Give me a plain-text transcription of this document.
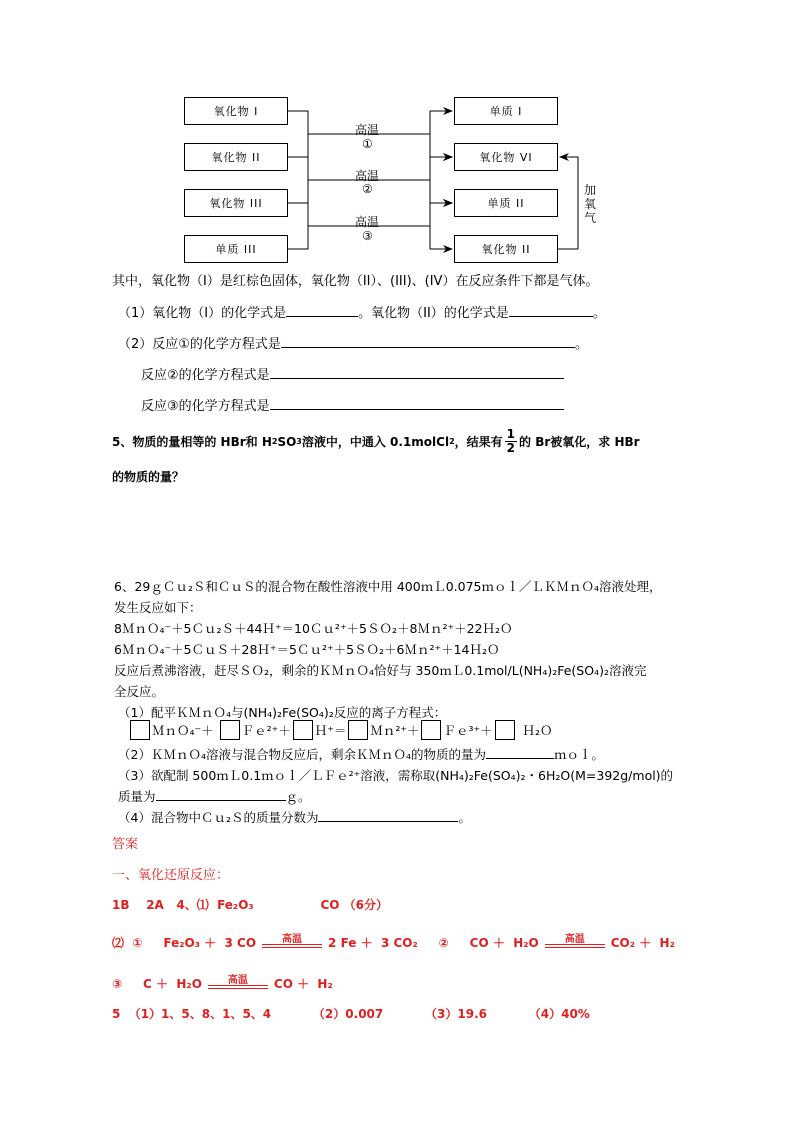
氧化物 I
氧化物 II
氧化物 III
单质 III
单质 I
氧化物 VI
单质 II
氧化物 II
高温
①
高温
②
高温
③
加氧气
其中，氧化物（I）是红棕色固体，氧化物（II）、(III)、(IV）在反应条件下都是气体。
（1）氧化物（I）的化学式是	。氧化物（II）的化学式是	。
（2）反应①的化学方程式是	。
反应②的化学方程式是
反应③的化学方程式是
5、物质的量相等的 HBr和 H 2 SO 3 溶液中，中通入 0.1molCl 2 ，结果有 $\frac{1}{2}$ 的 Br被氧化，求 HBr
的物质的量？
6、29ｇＣｕ₂Ｓ和ＣｕＳ的混合物在酸性溶液中用 400ｍＬ0.075ｍｏｌ／ＬＫＭｎＯ₄溶液处理，
发生反应如下：
8ＭｎＯ₄⁻＋5Ｃｕ₂Ｓ＋44Ｈ⁺＝10Ｃｕ²⁺＋5ＳＯ₂＋8Ｍｎ²⁺＋22Ｈ₂Ｏ
6ＭｎＯ₄⁻＋5ＣｕＳ＋28Ｈ⁺＝5Ｃｕ²⁺＋5ＳＯ₂＋6Ｍｎ²⁺＋14Ｈ₂Ｏ
反应后煮沸溶液，赶尽ＳＯ₂，剩余的ＫＭｎＯ₄恰好与 350ｍＬ0.1mol/L(NH₄)₂Fe(SO₄)₂溶液完
全反应。
（1）配平ＫＭｎＯ₄与(NH₄)₂Fe(SO₄)₂反应的离子方程式：
ＭｎＯ₄⁻＋ Ｆｅ²⁺＋ Ｈ⁺＝ Ｍｎ²⁺＋ Ｆｅ³⁺＋ Ｈ₂Ｏ
（2）ＫＭｎＯ₄溶液与混合物反应后，剩余ＫＭｎＯ₄的物质的量为	ｍｏｌ。
（3）欲配制 500ｍＬ0.1ｍｏｌ／ＬＦｅ²⁺溶液，需称取(NH₄)₂Fe(SO₄)₂・6H₂O(M=392g/mol)的
质量为	ｇ。
（4）混合物中Ｃｕ₂Ｓ的质量分数为	。
答案
一、氧化还原反应：
1B    2A   4、⑴  Fe₂O₃                CO （6分）
⑵  ①     Fe₂O₃ ＋  3 CO	高温	2 Fe ＋  3 CO₂     ②     CO ＋  H₂O	高温	CO₂ ＋  H₂
③     C ＋  H₂O	高温	CO ＋  H₂
5  （1）1、5、8、1、5、4          （2）0.007          （3）19.6          （4）40%
